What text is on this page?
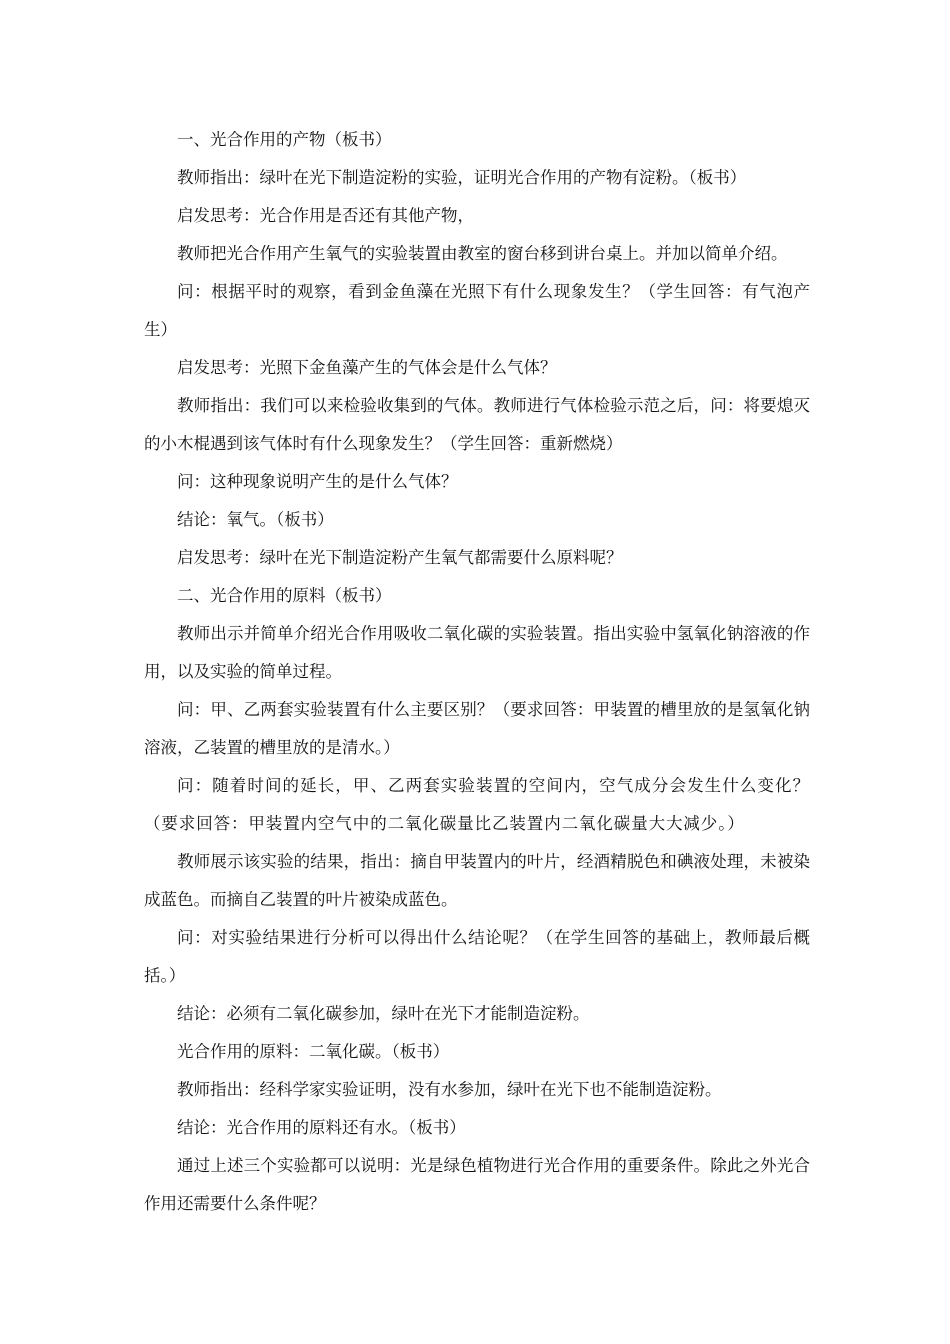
一、光合作用的产物（板书）

教师指出：绿叶在光下制造淀粉的实验，证明光合作用的产物有淀粉。（板书）

启发思考：光合作用是否还有其他产物，

教师把光合作用产生氧气的实验装置由教室的窗台移到讲台桌上。并加以简单介绍。

问：根据平时的观察，看到金鱼藻在光照下有什么现象发生？（学生回答：有气泡产生）

启发思考：光照下金鱼藻产生的气体会是什么气体？

教师指出：我们可以来检验收集到的气体。教师进行气体检验示范之后，问：将要熄灭的小木棍遇到该气体时有什么现象发生？（学生回答：重新燃烧）

问：这种现象说明产生的是什么气体？

结论：氧气。（板书）

启发思考：绿叶在光下制造淀粉产生氧气都需要什么原料呢？

二、光合作用的原料（板书）

教师出示并简单介绍光合作用吸收二氧化碳的实验装置。指出实验中氢氧化钠溶液的作用，以及实验的简单过程。

问：甲、乙两套实验装置有什么主要区别？（要求回答：甲装置的槽里放的是氢氧化钠溶液，乙装置的槽里放的是清水。）

问：随着时间的延长，甲、乙两套实验装置的空间内，空气成分会发生什么变化？（要求回答：甲装置内空气中的二氧化碳量比乙装置内二氧化碳量大大减少。）

教师展示该实验的结果，指出：摘自甲装置内的叶片，经酒精脱色和碘液处理，未被染成蓝色。而摘自乙装置的叶片被染成蓝色。

问：对实验结果进行分析可以得出什么结论呢？（在学生回答的基础上，教师最后概括。）

结论：必须有二氧化碳参加，绿叶在光下才能制造淀粉。

光合作用的原料：二氧化碳。（板书）

教师指出：经科学家实验证明，没有水参加，绿叶在光下也不能制造淀粉。

结论：光合作用的原料还有水。（板书）

通过上述三个实验都可以说明：光是绿色植物进行光合作用的重要条件。除此之外光合作用还需要什么条件呢？
